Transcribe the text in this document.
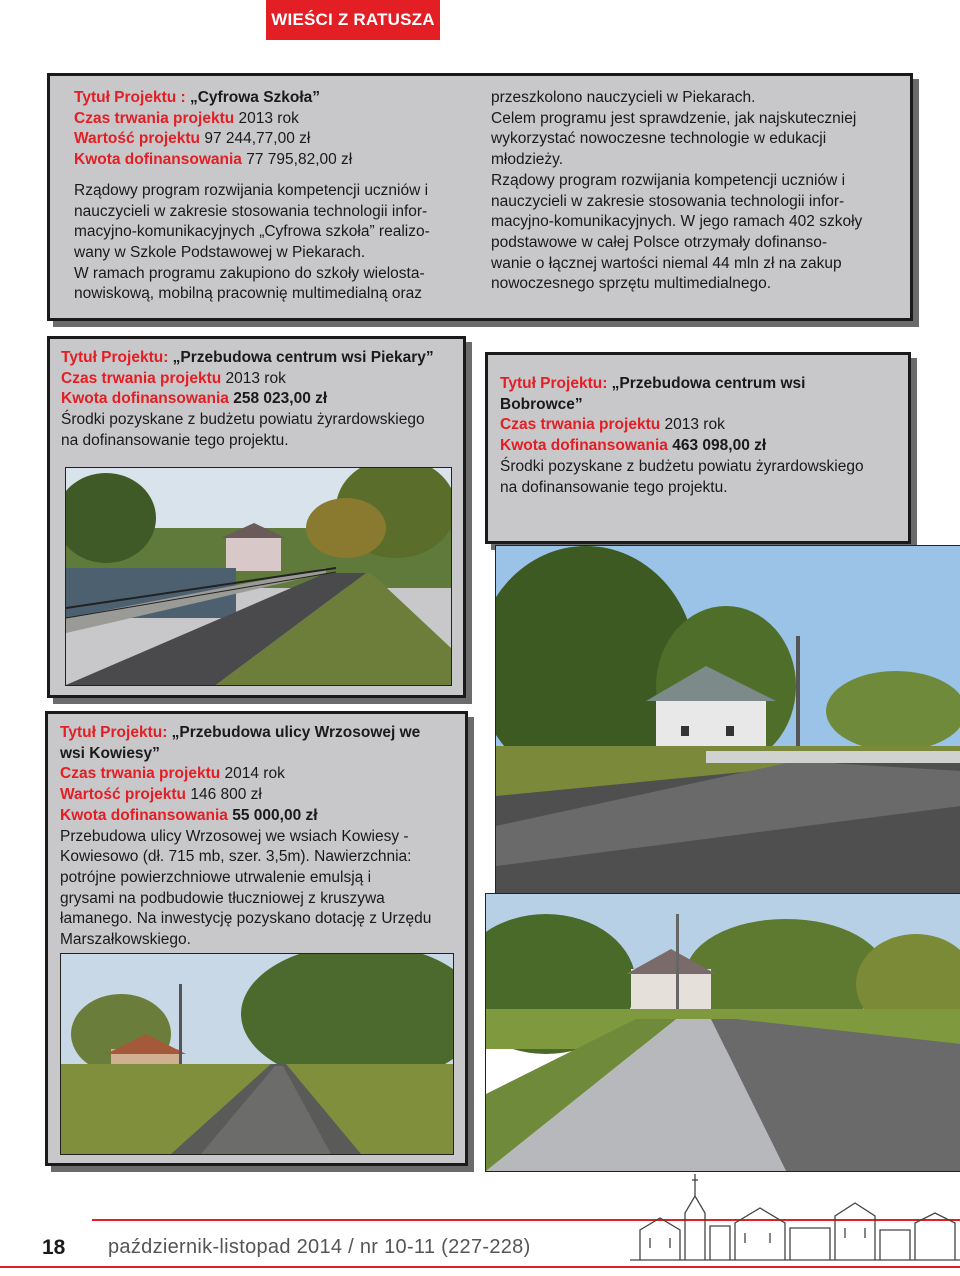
WIEŚCI Z RATUSZA
Tytuł Projektu : „Cyfrowa Szkoła”
Czas trwania projektu 2013 rok
Wartość projektu 97 244,77,00 zł
Kwota dofinansowania 77 795,82,00 zł
Rządowy program rozwijania kompetencji uczniów i
nauczycieli w zakresie stosowania technologii infor-
macyjno-komunikacyjnych „Cyfrowa szkoła” realizo-
wany w Szkole Podstawowej w Piekarach.
W ramach programu zakupiono do szkoły wielosta-
nowiskową, mobilną pracownię multimedialną oraz
przeszkolono nauczycieli w Piekarach.
Celem programu jest sprawdzenie, jak najskuteczniej
wykorzystać nowoczesne technologie w edukacji
młodzieży.
Rządowy program rozwijania kompetencji uczniów i
nauczycieli w zakresie stosowania technologii infor-
macyjno-komunikacyjnych. W jego ramach 402 szkoły
podstawowe w całej Polsce otrzymały dofinanso-
wanie o łącznej wartości niemal 44 mln zł na zakup
nowoczesnego sprzętu multimedialnego.
Tytuł Projektu: „Przebudowa centrum wsi Piekary”
Czas trwania projektu 2013 rok
Kwota dofinansowania 258 023,00 zł
Środki pozyskane z budżetu powiatu żyrardowskiego
na dofinansowanie tego projektu.
Tytuł Projektu: „Przebudowa centrum wsi
Bobrowce”
Czas trwania projektu 2013 rok
Kwota dofinansowania 463 098,00 zł
Środki pozyskane z budżetu powiatu żyrardowskiego
na dofinansowanie tego projektu.
Tytuł Projektu: „Przebudowa ulicy Wrzosowej we
wsi Kowiesy”
Czas trwania projektu 2014 rok
Wartość projektu 146 800 zł
Kwota dofinansowania 55 000,00 zł
Przebudowa ulicy Wrzosowej we wsiach Kowiesy -
Kowiesowo (dł. 715 mb, szer. 3,5m). Nawierzchnia:
potrójne powierzchniowe utrwalenie emulsją i
grysami na podbudowie tłuczniowej z kruszywa
łamanego. Na inwestycję pozyskano dotację z Urzędu
Marszałkowskiego.
18 październik-listopad 2014 / nr 10-11 (227-228)
